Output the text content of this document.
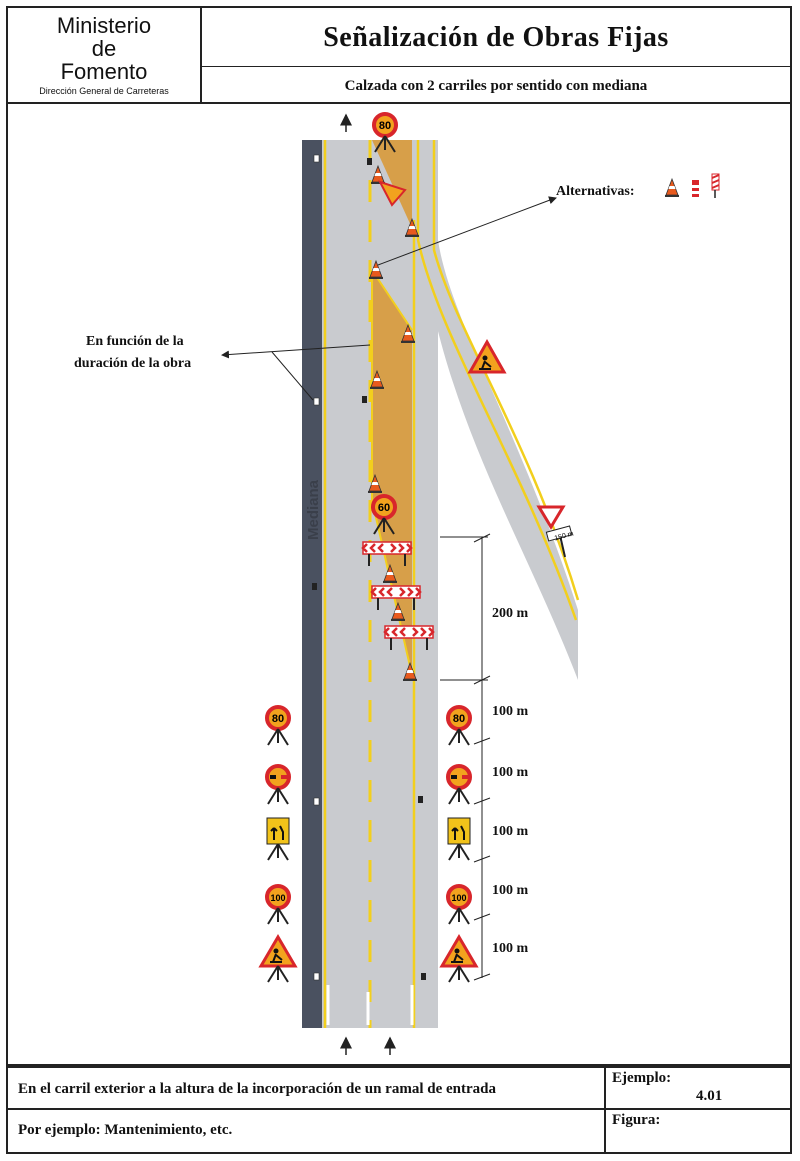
Ministerio
de
Fomento
Dirección General de Carreteras
Señalización de Obras Fijas
Calzada con 2 carriles por sentido con mediana
80
60
80	80
100	100
150 m
Mediana
Alternativas:
En función de la
duración de la obra
200 m
100 m
100 m
100 m
100 m
100 m
En el carril exterior a la altura de la incorporación de un ramal de entrada
Ejemplo:
4.01
Por ejemplo: Mantenimiento, etc.
Figura:
